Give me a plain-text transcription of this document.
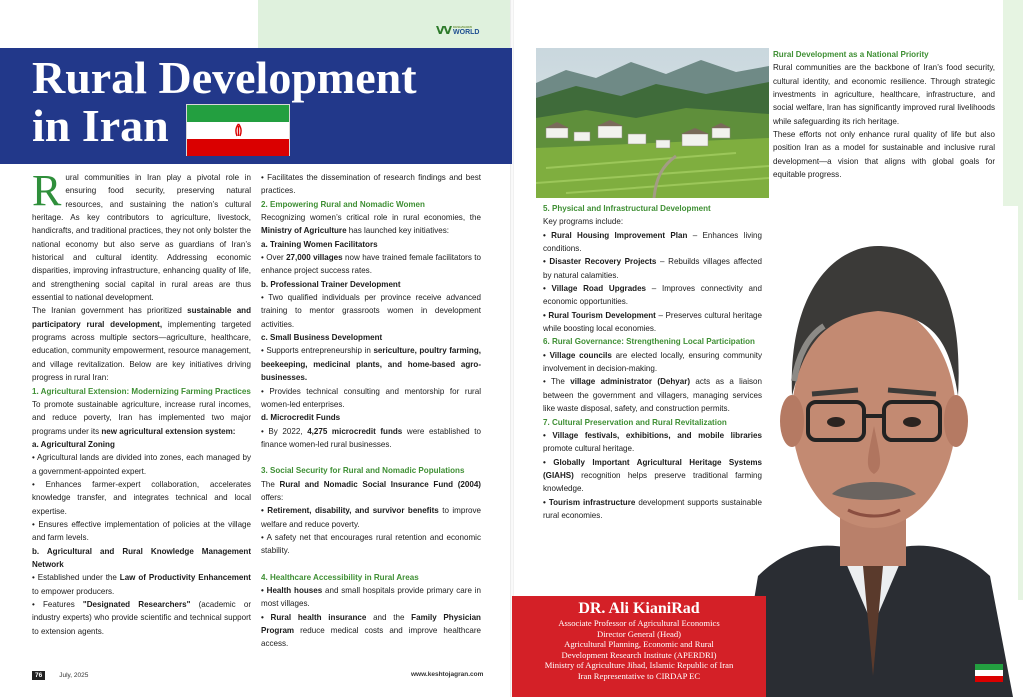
VV KESHAVARZI
WORLD
Rural Development
in Iran

Rural communities in Iran play a pivotal role in ensuring food security, preserving natural resources, and sustaining the nation’s cultural heritage. As key contributors to agriculture, livestock, handicrafts, and traditional practices, they not only bolster the national economy but also serve as guardians of Iran’s historical and cultural identity. Addressing economic disparities, improving infrastructure, enhancing quality of life, and strengthening social capital in rural areas are thus essential to national development.

The Iranian government has prioritized sustainable and participatory rural development, implementing targeted programs across multiple sectors—agriculture, healthcare, education, community empowerment, resource management, and village revitalization. Below are key initiatives driving progress in rural Iran:

1. Agricultural Extension: Modernizing Farming Practices

To promote sustainable agriculture, increase rural incomes, and reduce poverty, Iran has implemented two major programs under its new agricultural extension system:

a. Agricultural Zoning

• Agricultural lands are divided into zones, each managed by a government-appointed expert.

• Enhances farmer-expert collaboration, accelerates knowledge transfer, and integrates technical and local expertise.

• Ensures effective implementation of policies at the village and farm levels.

b. Agricultural and Rural Knowledge Management Network

• Established under the Law of Productivity Enhancement to empower producers.

• Features "Designated Researchers" (academic or industry experts) who provide scientific and technical support to extension agents.

• Facilitates the dissemination of research findings and best practices.

2. Empowering Rural and Nomadic Women

Recognizing women’s critical role in rural economies, the Ministry of Agriculture has launched key initiatives:

a. Training Women Facilitators

• Over 27,000 villages now have trained female facilitators to enhance project success rates.

b. Professional Trainer Development

• Two qualified individuals per province receive advanced training to mentor grassroots women in development activities.

c. Small Business Development

• Supports entrepreneurship in sericulture, poultry farming, beekeeping, medicinal plants, and home-based agro-businesses.

• Provides technical consulting and mentorship for rural women-led enterprises.

d. Microcredit Funds

• By 2022, 4,275 microcredit funds were established to finance women-led rural businesses.

3. Social Security for Rural and Nomadic Populations

The Rural and Nomadic Social Insurance Fund (2004) offers:

• Retirement, disability, and survivor benefits to improve welfare and reduce poverty.

• A safety net that encourages rural retention and economic stability.

4. Healthcare Accessibility in Rural Areas

• Health houses and small hospitals provide primary care in most villages.

• Rural health insurance and the Family Physician Program reduce medical costs and improve healthcare access.

76	July, 2025	www.keshtojagran.com

Rural Development as a National Priority

Rural communities are the backbone of Iran’s food security, cultural identity, and economic resilience. Through strategic investments in agriculture, healthcare, infrastructure, and social welfare, Iran has significantly improved rural livelihoods while safeguarding its rich heritage.

These efforts not only enhance rural quality of life but also position Iran as a model for sustainable and inclusive rural development—a vision that aligns with global goals for equitable progress.

5. Physical and Infrastructural Development

Key programs include:

• Rural Housing Improvement Plan – Enhances living conditions.

• Disaster Recovery Projects – Rebuilds villages affected by natural calamities.

• Village Road Upgrades – Improves connectivity and economic opportunities.

• Rural Tourism Development – Preserves cultural heritage while boosting local economies.

6. Rural Governance: Strengthening Local Participation

• Village councils are elected locally, ensuring community involvement in decision-making.

• The village administrator (Dehyar) acts as a liaison between the government and villagers, managing services like waste disposal, safety, and construction permits.

7. Cultural Preservation and Rural Revitalization

• Village festivals, exhibitions, and mobile libraries promote cultural heritage.

• Globally Important Agricultural Heritage Systems (GIAHS) recognition helps preserve traditional farming knowledge.

• Tourism infrastructure development supports sustainable rural economies.

DR. Ali KianiRad
Associate Professor of Agricultural Economics
Director General (Head)
Agricultural Planning, Economic and Rural
Development Research Institute (APERDRI)
Ministry of Agriculture Jihad, Islamic Republic of Iran
Iran Representative to CIRDAP EC
